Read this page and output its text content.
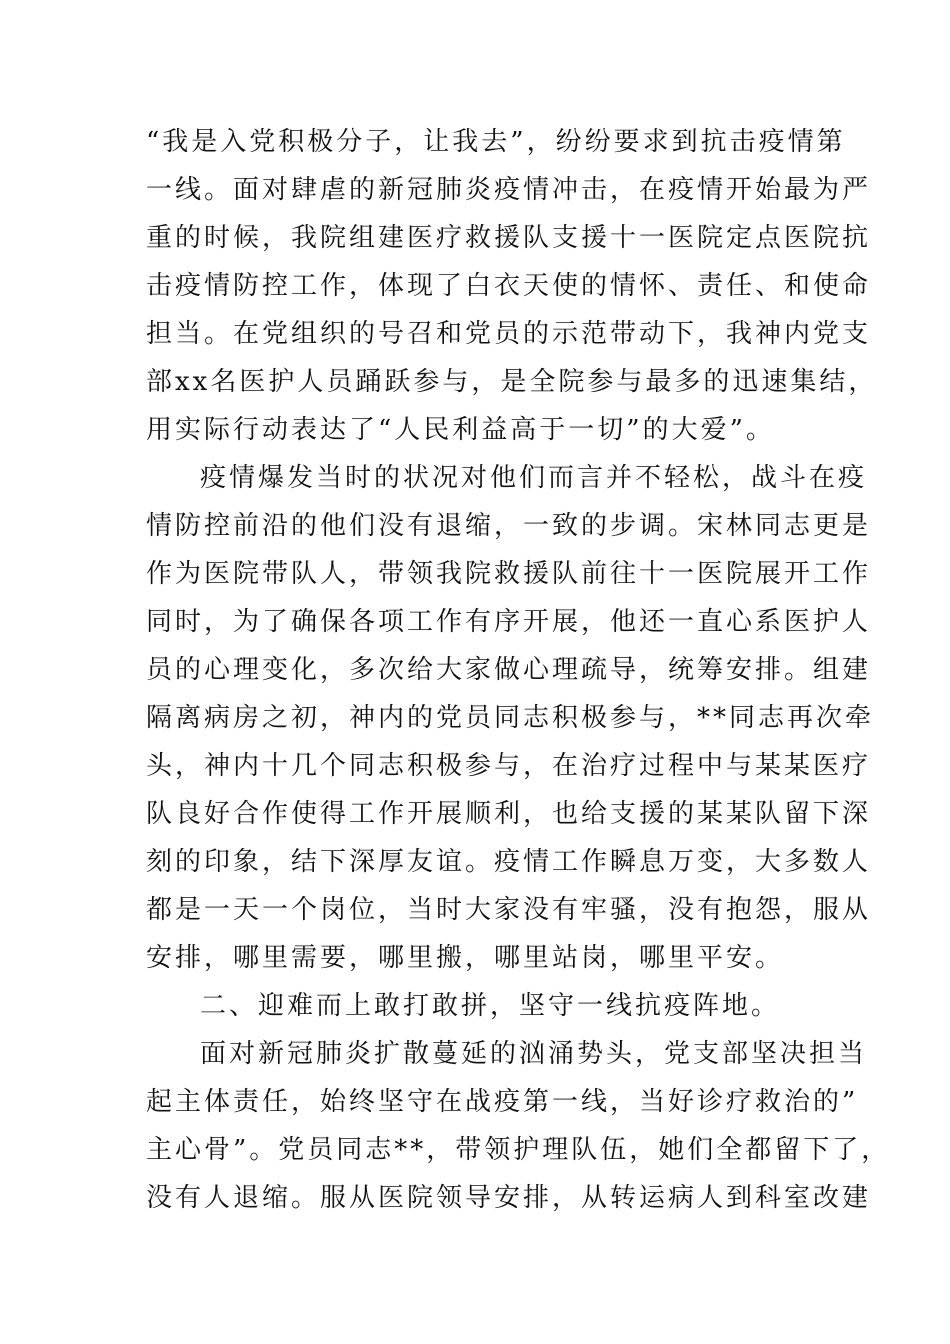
“我是入党积极分子，让我去”，纷纷要求到抗击疫情第
一线。面对肆虐的新冠肺炎疫情冲击，在疫情开始最为严
重的时候，我院组建医疗救援队支援十一医院定点医院抗
击疫情防控工作，体现了白衣天使的情怀、责任、和使命
担当。在党组织的号召和党员的示范带动下，我神内党支
部xx名医护人员踊跃参与，是全院参与最多的迅速集结，
用实际行动表达了“人民利益高于一切”的大爱”。
疫情爆发当时的状况对他们而言并不轻松，战斗在疫
情防控前沿的他们没有退缩，一致的步调。宋林同志更是
作为医院带队人，带领我院救援队前往十一医院展开工作
同时，为了确保各项工作有序开展，他还一直心系医护人
员的心理变化，多次给大家做心理疏导，统筹安排。组建
隔离病房之初，神内的党员同志积极参与，**同志再次牵
头，神内十几个同志积极参与，在治疗过程中与某某医疗
队良好合作使得工作开展顺利，也给支援的某某队留下深
刻的印象，结下深厚友谊。疫情工作瞬息万变，大多数人
都是一天一个岗位，当时大家没有牢骚，没有抱怨，服从
安排，哪里需要，哪里搬，哪里站岗，哪里平安。
二、迎难而上敢打敢拼，坚守一线抗疫阵地。
面对新冠肺炎扩散蔓延的汹涌势头，党支部坚决担当
起主体责任，始终坚守在战疫第一线，当好诊疗救治的”
主心骨”。党员同志**，带领护理队伍，她们全都留下了，
没有人退缩。服从医院领导安排，从转运病人到科室改建
